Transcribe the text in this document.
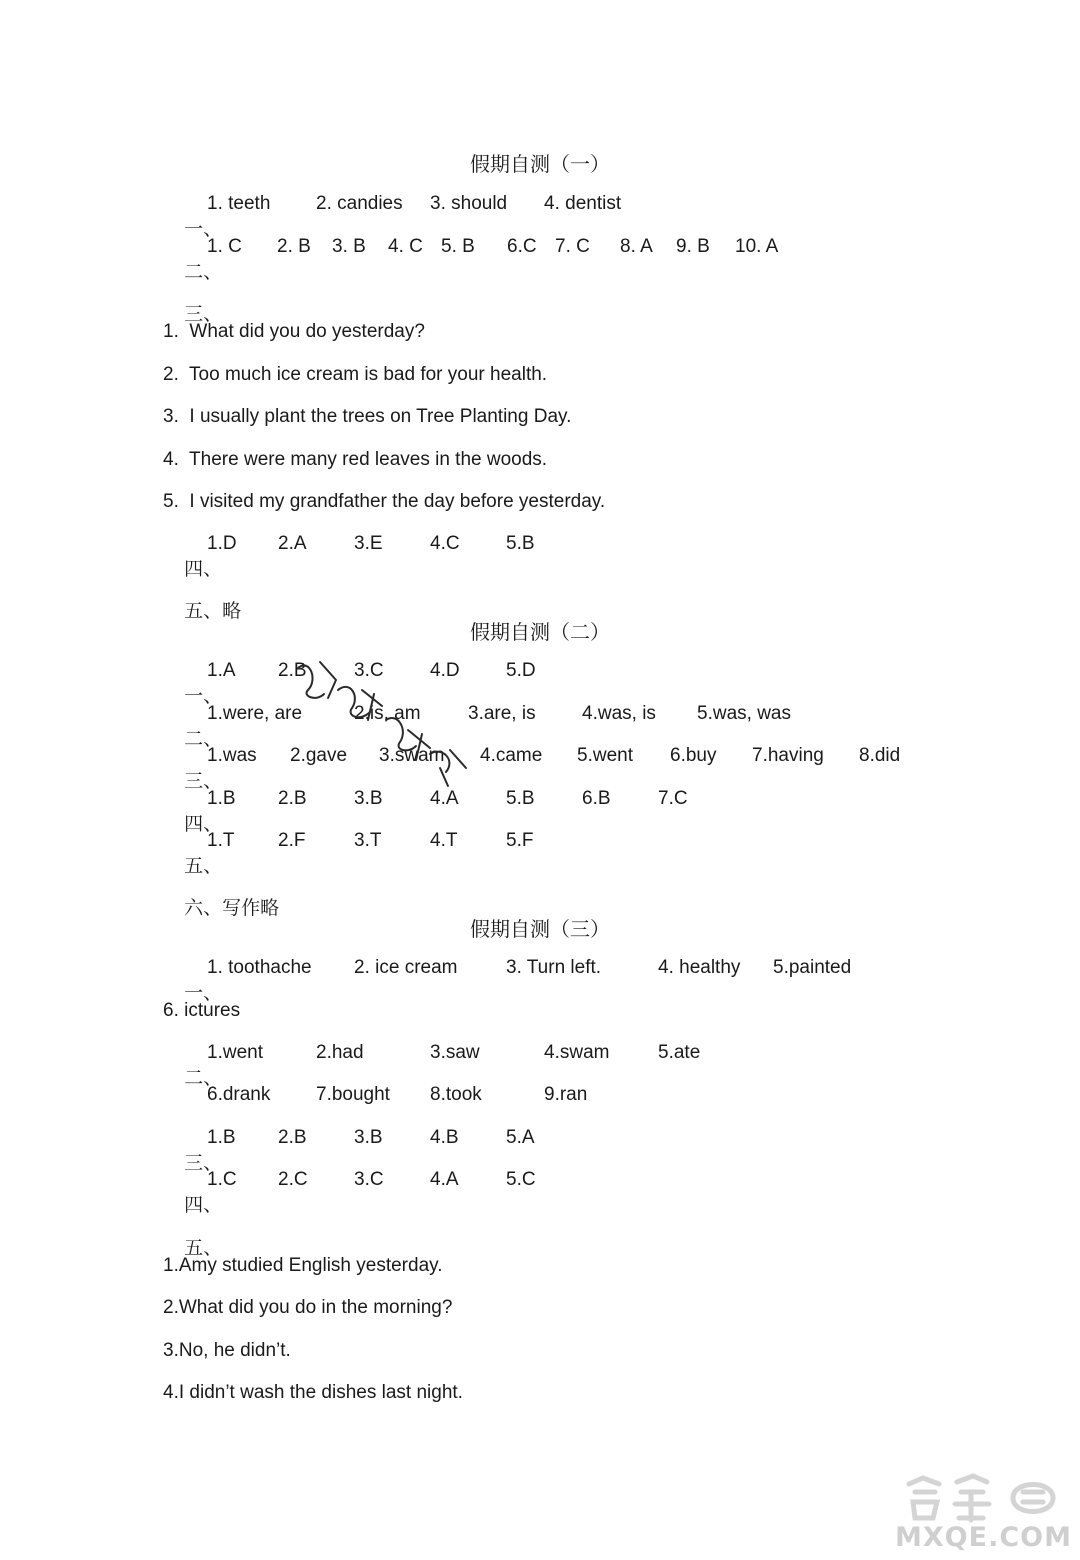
假期自测（一）

一、

1. teeth 2. candies 3. should 4. dentist

二、

1. C 2. B 3. B 4. C 5. B 6.C 7. C 8. A 9. B 10. A

三、

1.  What did you do yesterday?
2.  Too much ice cream is bad for your health.
3.  I usually plant the trees on Tree Planting Day.
4.  There were many red leaves in the woods.
5.  I visited my grandfather the day before yesterday.

四、

1.D 2.A 3.E 4.C 5.B

五、略

假期自测（二）

一、

1.A 2.B 3.C 4.D 5.D

二、

1.were, are	2.is, am 3.are, is 4.was, is 5.was, was

三、

1.was 2.gave 3.swam 4.came 5.went 6.buy 7.having 8.did

四、

1.B 2.B 3.B 4.A 5.B 6.B 7.C

五、

1.T 2.F	3.T	4.T	5.F

六、写作略

假期自测（三）

一、

1. toothache 2. ice cream	3. Turn left.	4. healthy 5.painted
6. ictures

二、

1.went	2.had	3.saw	4.swam	5.ate
6.drank 7.bought 8.took	9.ran

三、

1.B 2.B 3.B 4.B 5.A

四、

1.C 2.C 3.C 4.A 5.C

五、

1.Amy studied English yesterday.
2.What did you do in the morning?
3.No, he didn’t.
4.I didn’t wash the dishes last night.
MXQE.COM
